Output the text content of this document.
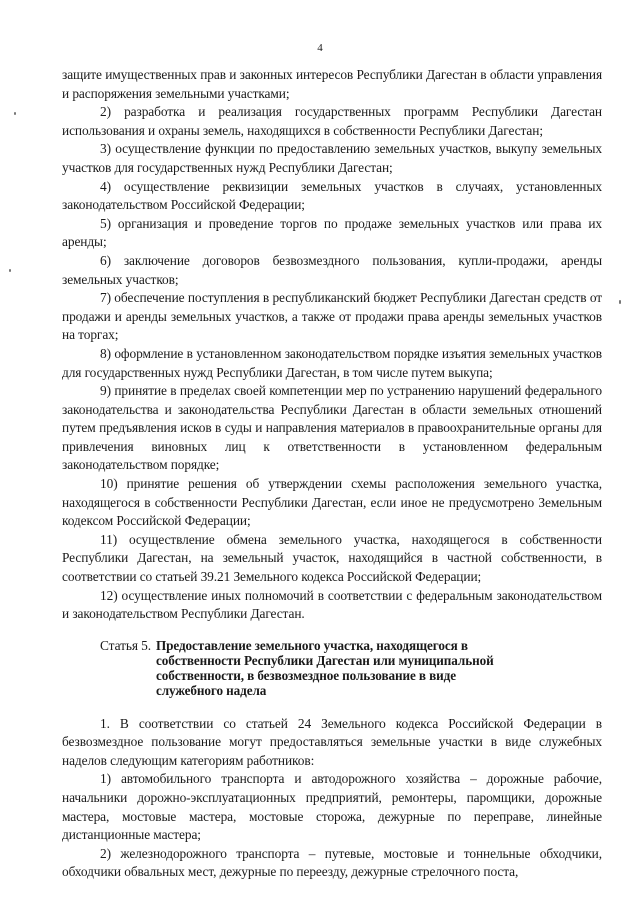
4

защите имущественных прав и законных интересов Республики Дагестан в области управления и распоряжения земельными участками;

2) разработка и реализация государственных программ Республики Дагестан использования и охраны земель, находящихся в собственности Республики Дагестан;

3) осуществление функции по предоставлению земельных участков, выкупу земельных участков для государственных нужд Республики Дагестан;

4) осуществление реквизиции земельных участков в случаях, установленных законодательством Российской Федерации;

5) организация и проведение торгов по продаже земельных участков или права их аренды;

6) заключение договоров безвозмездного пользования, купли-продажи, аренды земельных участков;

7) обеспечение поступления в республиканский бюджет Республики Дагестан средств от продажи и аренды земельных участков, а также от продажи права аренды земельных участков на торгах;

8) оформление в установленном законодательством порядке изъятия земельных участков для государственных нужд Республики Дагестан, в том числе путем выкупа;

9) принятие в пределах своей компетенции мер по устранению нарушений федерального законодательства и законодательства Республики Дагестан в области земельных отношений путем предъявления исков в суды и направления материалов в правоохранительные органы для привлечения виновных лиц к ответственности в установленном федеральным законодательством порядке;

10) принятие решения об утверждении схемы расположения земельного участка, находящегося в собственности Республики Дагестан, если иное не предусмотрено Земельным кодексом Российской Федерации;

11) осуществление обмена земельного участка, находящегося в собственности Республики Дагестан, на земельный участок, находящийся в частной собственности, в соответствии со статьей 39.21 Земельного кодекса Российской Федерации;

12) осуществление иных полномочий в соответствии с федеральным законодательством и законодательством Республики Дагестан.

Статья 5. Предоставление земельного участка, находящегося в собственности Республики Дагестан или муниципальной собственности, в безвозмездное пользование в виде служебного надела

1. В соответствии со статьей 24 Земельного кодекса Российской Федерации в безвозмездное пользование могут предоставляться земельные участки в виде служебных наделов следующим категориям работников:

1) автомобильного транспорта и автодорожного хозяйства – дорожные рабочие, начальники дорожно-эксплуатационных предприятий, ремонтеры, паромщики, дорожные мастера, мостовые мастера, мостовые сторожа, дежурные по переправе, линейные дистанционные мастера;

2) железнодорожного транспорта – путевые, мостовые и тоннельные обходчики, обходчики обвальных мест, дежурные по переезду, дежурные стрелочного поста,
